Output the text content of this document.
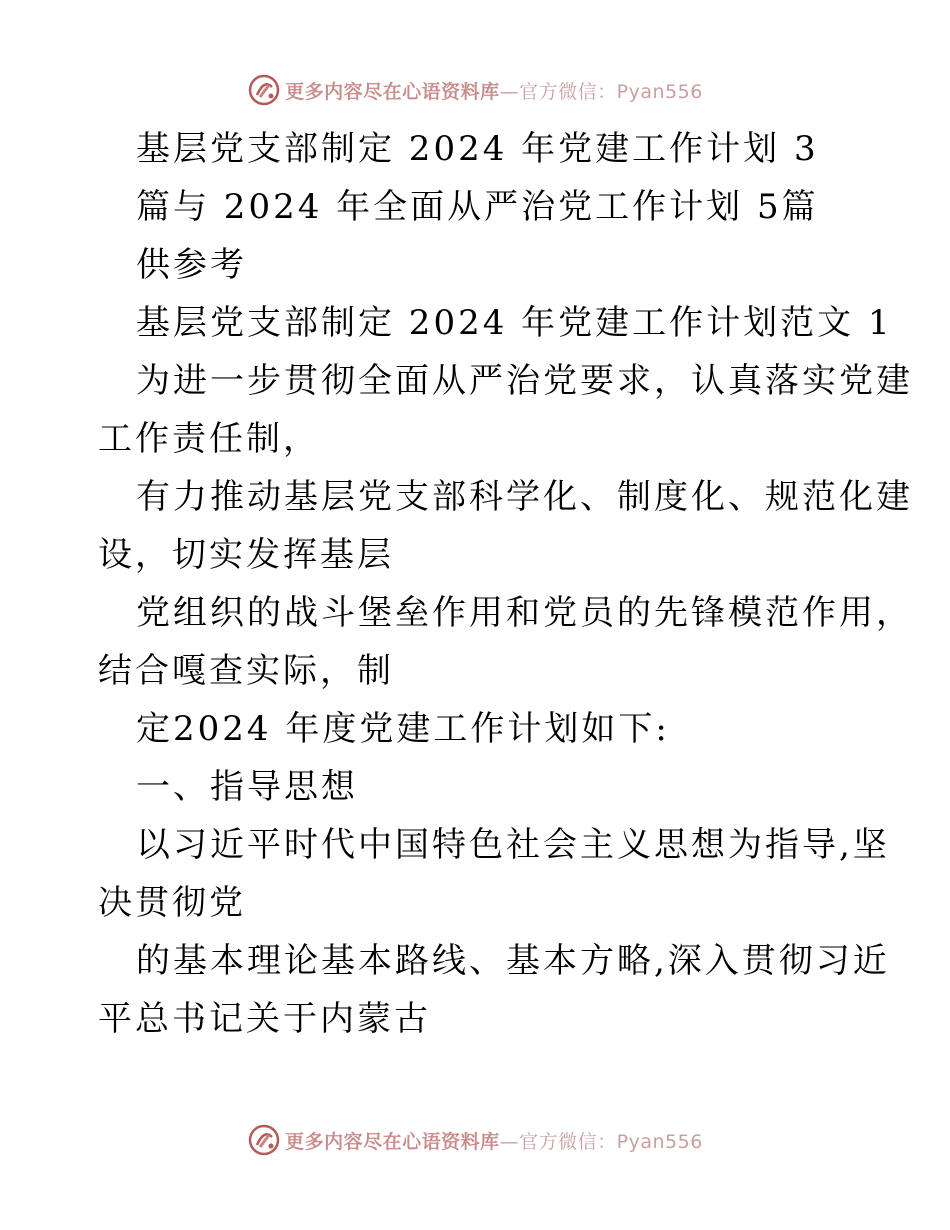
更多内容尽在心语资料库—官方微信：Pyan556
基层党支部制定 2024 年党建工作计划 3
篇与 2024 年全面从严治党工作计划 5篇
供参考
基层党支部制定 2024 年党建工作计划范文 1
为进一步贯彻全面从严治党要求，认真落实党建
工作责任制，
有力推动基层党支部科学化、制度化、规范化建
设，切实发挥基层
党组织的战斗堡垒作用和党员的先锋模范作用，
结合嘎查实际，制
定2024 年度党建工作计划如下:
一、指导思想
以习近平时代中国特色社会主义思想为指导,坚
决贯彻党
的基本理论基本路线、基本方略,深入贯彻习近
平总书记关于内蒙古
更多内容尽在心语资料库—官方微信：Pyan556
